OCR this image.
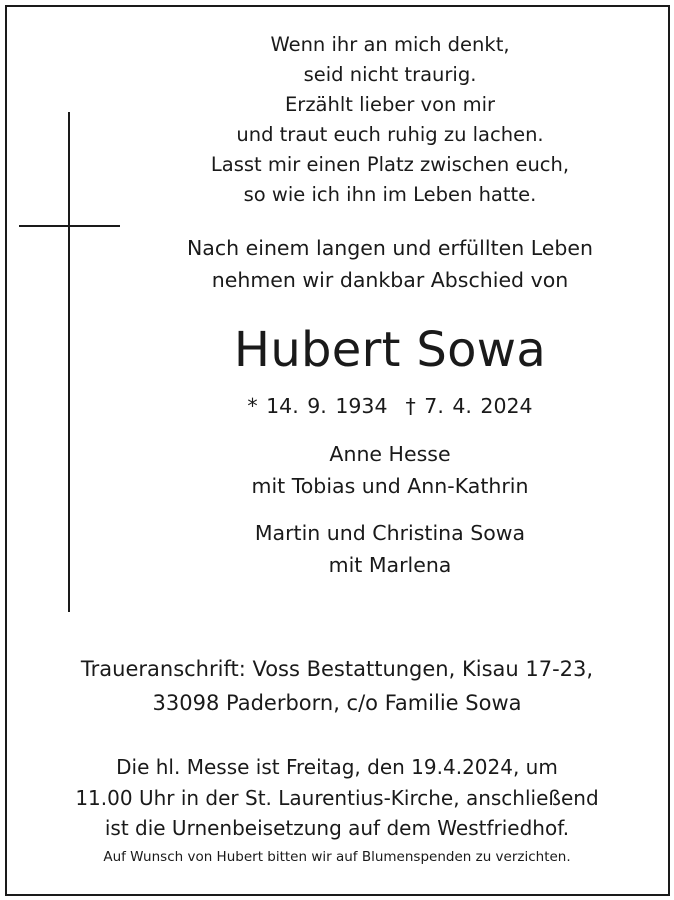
Wenn ihr an mich denkt,
seid nicht traurig.
Erzählt lieber von mir
und traut euch ruhig zu lachen.
Lasst mir einen Platz zwischen euch,
so wie ich ihn im Leben hatte.
Nach einem langen und erfüllten Leben
nehmen wir dankbar Abschied von
Hubert Sowa
* 14. 9. 1934 † 7. 4. 2024
Anne Hesse
mit Tobias und Ann-Kathrin
Martin und Christina Sowa
mit Marlena
Traueranschrift: Voss Bestattungen, Kisau 17-23,
33098 Paderborn, c/o Familie Sowa
Die hl. Messe ist Freitag, den 19.4.2024, um
11.00 Uhr in der St. Laurentius-Kirche, anschließend
ist die Urnenbeisetzung auf dem Westfriedhof.
Auf Wunsch von Hubert bitten wir auf Blumenspenden zu verzichten.
